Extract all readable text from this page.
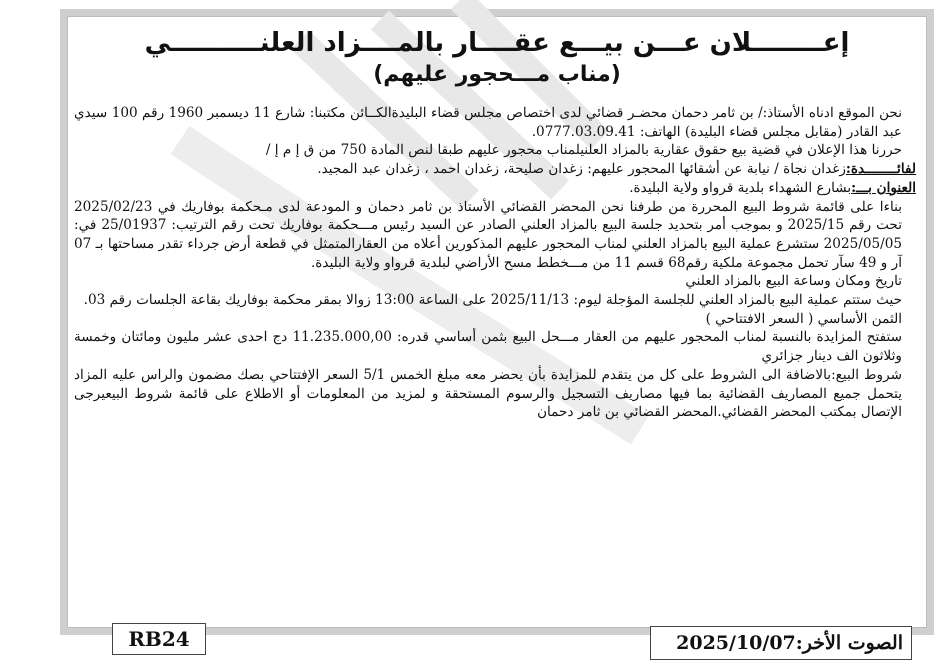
إعــــــــلان عـــن بيـــع عقــــار بالمــــزاد العلنــــــــــي
(مناب مـــحجور عليهم)

نحن الموقع ادناه الأستاذ:/ بن ثامر دحمان محضـر قضائي لدى اختصاص مجلس قضاء البليدةالكــائن مكتبنا: شارع 11 ديسمبر 1960 رقم 100 سيدي عبد القادر (مقابل مجلس قضاء البليدة) الهاتف: 0777.03.09.41.

حررنا هذا الإعلان في قضية بيع حقوق عقارية بالمزاد العلنيلمناب محجور عليهم طبقا لنص المادة 750 من ق إ م إ /

لفائــــــــدة:زغدان نجاة / نيابة عن أشقائها المحجور عليهم: زغدان صليحة، زغدان احمد ، زغدان عبد المجيد.

العنوان بـــ:بشارع الشهداء بلدية قرواو ولاية البليدة.

بناءا على قائمة شروط البيع المحررة من طرفنا نحن المحضر القضائي الأستاذ بن ثامر دحمان و المودعة لدى مـحكمة بوفاريك في 2025/02/23 تحت رقم 2025/15 و بموجب أمر بتحديد جلسة البيع بالمزاد العلني الصادر عن السيد رئيس مـــحكمة بوفاريك تحت رقم الترتيب: 25/01937 في: 2025/05/05 ستشرع عملية البيع بالمزاد العلني لمناب المحجور عليهم المذكورين أعلاه من العقارالمتمثل في قطعة أرض جرداء تقدر مساحتها بـ 07 آر و 49 سآر تحمل مجموعة ملكية رقم68 قسم 11 من مـــخطط مسح الأراضي لبلدية قرواو ولاية البليدة.

تاريخ ومكان وساعة البيع بالمزاد العلني

حيث ستتم عملية البيع بالمزاد العلني للجلسة المؤجلة ليوم: 2025/11/13 على الساعة 13:00 زوالا بمقر محكمة بوفاريك بقاعة الجلسات رقم 03.

الثمن الأساسي ( السعر الافتتاحي )

ستفتح المزايدة بالنسبة لمناب المحجور عليهم من العقار مـــحل البيع بثمن أساسي قدره: 11.235.000,00 دج احدى عشر مليون ومائتان وخمسة وثلاثون الف دينار جزائري

شروط البيع:بالاضافة الى الشروط على كل من يتقدم للمزايدة بأن يحضر معه مبلغ الخمس 5/1 السعر الإفتتاحي بصك مضمون والراس عليه المزاد يتحمل جميع المصاريف القضائية بما فيها مصاريف التسجيل والرسوم المستحقة و لمزيد من المعلومات أو الاطلاع على قائمة شروط البيعيرجى الإتصال بمكتب المحضر القضائي.المحضر القضائي بن ثامر دحمان

RB24	الصوت الأخر:2025/10/07
